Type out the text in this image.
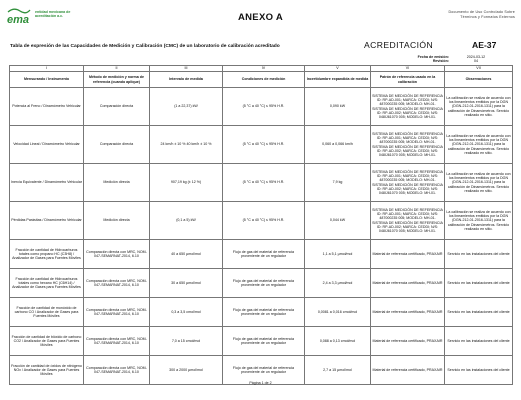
ema
entidad mexicana de acreditación a.c.	ANEXO A	Documento de Uso Controlado Sobre
Términos y Formatos Externos
Tabla de expresión de las Capacidades de Medición y Calibración (CMC) de un laboratorio de calibración acreditado	ACREDITACIÓN	AE-37
Fecha de emisión:
Revisión:
2024-03-12
04
I	II	III	IV	V	VI	VII
Mensurando / Instrumento	Método de medición y norma de referencia (cuando aplique)	Intervalo de medida	Condiciones de medición	Incertidumbre expandida de medida	Patrón de referencia usado en la calibración	Observaciones
Potencia al Freno / Dinamómetro Vehicular	Comparación directa	(1 a 22,37) kW	(5 °C a 40 °C) ≤ 95% H.R.	0,090 kW	SISTEMA DE MEDICIÓN DE REFERENCIA ID: RP-AD-001; MARCA: CEDDI; N/S: 487000235 005; MODELO: MH-01. SISTEMA DE MEDICIÓN DE REFERENCIA ID: RP-AD-002; MARCA: CEDDI; N/S: 048IJ61070 005; MODELO: MH-01.	La calibración se realiza de acuerdo con los lineamientos emitidos por la DGN (DGN-212-01-2016-1311) para la calibración de Dinamómetros. Servicio realizado en sitio.
Velocidad Lineal / Dinamómetro Vehicular	Comparación directa	24 km/h ± 10 % 40 km/h ± 10 %	(5 °C a 40 °C) ≤ 95% H.R.	0,060 a 0,066 km/h	SISTEMA DE MEDICIÓN DE REFERENCIA ID: RP-AD-001; MARCA: CEDDI; N/S: 487000235 005; MODELO: MH-01. SISTEMA DE MEDICIÓN DE REFERENCIA ID: RP-AD-002; MARCA: CEDDI; N/S: 048IJ61070 005; MODELO: MH-01.	La calibración se realiza de acuerdo con los lineamientos emitidos por la DGN (DGN-212-01-2016-1311) para la calibración de Dinamómetros. Servicio realizado en sitio.
Inercia Equivalente / Dinamómetro Vehicular	Medición directa	907,19 kg (± 12 %)	(5 °C a 40 °C) ≤ 95% H.R.	7,9 kg	SISTEMA DE MEDICIÓN DE REFERENCIA ID: RP-AD-001; MARCA: CEDDI; N/S: 487000235 005; MODELO: MH-01. SISTEMA DE MEDICIÓN DE REFERENCIA ID: RP-AD-002; MARCA: CEDDI; N/S: 048IJ61070 005; MODELO: MH-01.	La calibración se realiza de acuerdo con los lineamientos emitidos por la DGN (DGN-212-01-2016-1311) para la calibración de Dinamómetros. Servicio realizado en sitio.
Pérdidas Parásitas / Dinamómetro Vehicular	Medición directa	(0,1 a 5) kW	(5 °C a 40 °C) ≤ 95% H.R.	0,044 kW	SISTEMA DE MEDICIÓN DE REFERENCIA ID: RP-AD-001; MARCA: CEDDI; N/S: 487000235 005; MODELO: MH-01. SISTEMA DE MEDICIÓN DE REFERENCIA ID: RP-AD-002; MARCA: CEDDI; N/S: 048IJ61070 005; MODELO: MH-01.	La calibración se realiza de acuerdo con los lineamientos emitidos por la DGN (DGN-212-01-2016-1311) para la calibración de Dinamómetros. Servicio realizado en sitio.
Fracción de cantidad de Hidrocarburos totales como propano HC (C3H8) / Analizador de Gases para Fuentes Móviles	Comparación directa con MRC, NOM-047-SEMARNAT-2014, 6.10	40 a 650 µmol/mol	Flujo de gas del material de referencia proveniente de un regulador	1,1 a 5,1 µmol/mol	Material de referencia certificado, PRAXAIR	Servicio en las instalaciones del cliente
Fracción de cantidad de Hidrocarburos totales como hexano HC (C6H14) / Analizador de Gases para Fuentes Móviles	Comparación directa con MRC, NOM-047-SEMARNAT-2014, 6.10	30 a 650 µmol/mol	Flujo de gas del material de referencia proveniente de un regulador	2,4 a 3,3 µmol/mol	Material de referencia certificado, PRAXAIR	Servicio en las instalaciones del cliente
Fracción de cantidad de monóxido de carbono CO / Analizador de Gases para Fuentes Móviles	Comparación directa con MRC, NOM-047-SEMARNAT-2014, 6.10	0,3 a 3,5 cmol/mol	Flujo de gas del material de referencia proveniente de un regulador	0,0081 a 0,016 cmol/mol	Material de referencia certificado, PRAXAIR	Servicio en las instalaciones del cliente
Fracción de cantidad de bióxido de carbono CO2 / Analizador de Gases para Fuentes Móviles	Comparación directa con MRC, NOM-047-SEMARNAT-2014, 6.10	7,0 a 15 cmol/mol	Flujo de gas del material de referencia proveniente de un regulador	0,088 a 0,13 cmol/mol	Material de referencia certificado, PRAXAIR	Servicio en las instalaciones del cliente
Fracción de cantidad de óxidos de nitrógeno NOx / Analizador de Gases para Fuentes Móviles	Comparación directa con MRC, NOM-047-SEMARNAT-2014, 6.10	300 a 2000 µmol/mol	Flujo de gas del material de referencia proveniente de un regulador	2,7 a 15 µmol/mol	Material de referencia certificado, PRAXAIR	Servicio en las instalaciones del cliente
Página 1 de 2
